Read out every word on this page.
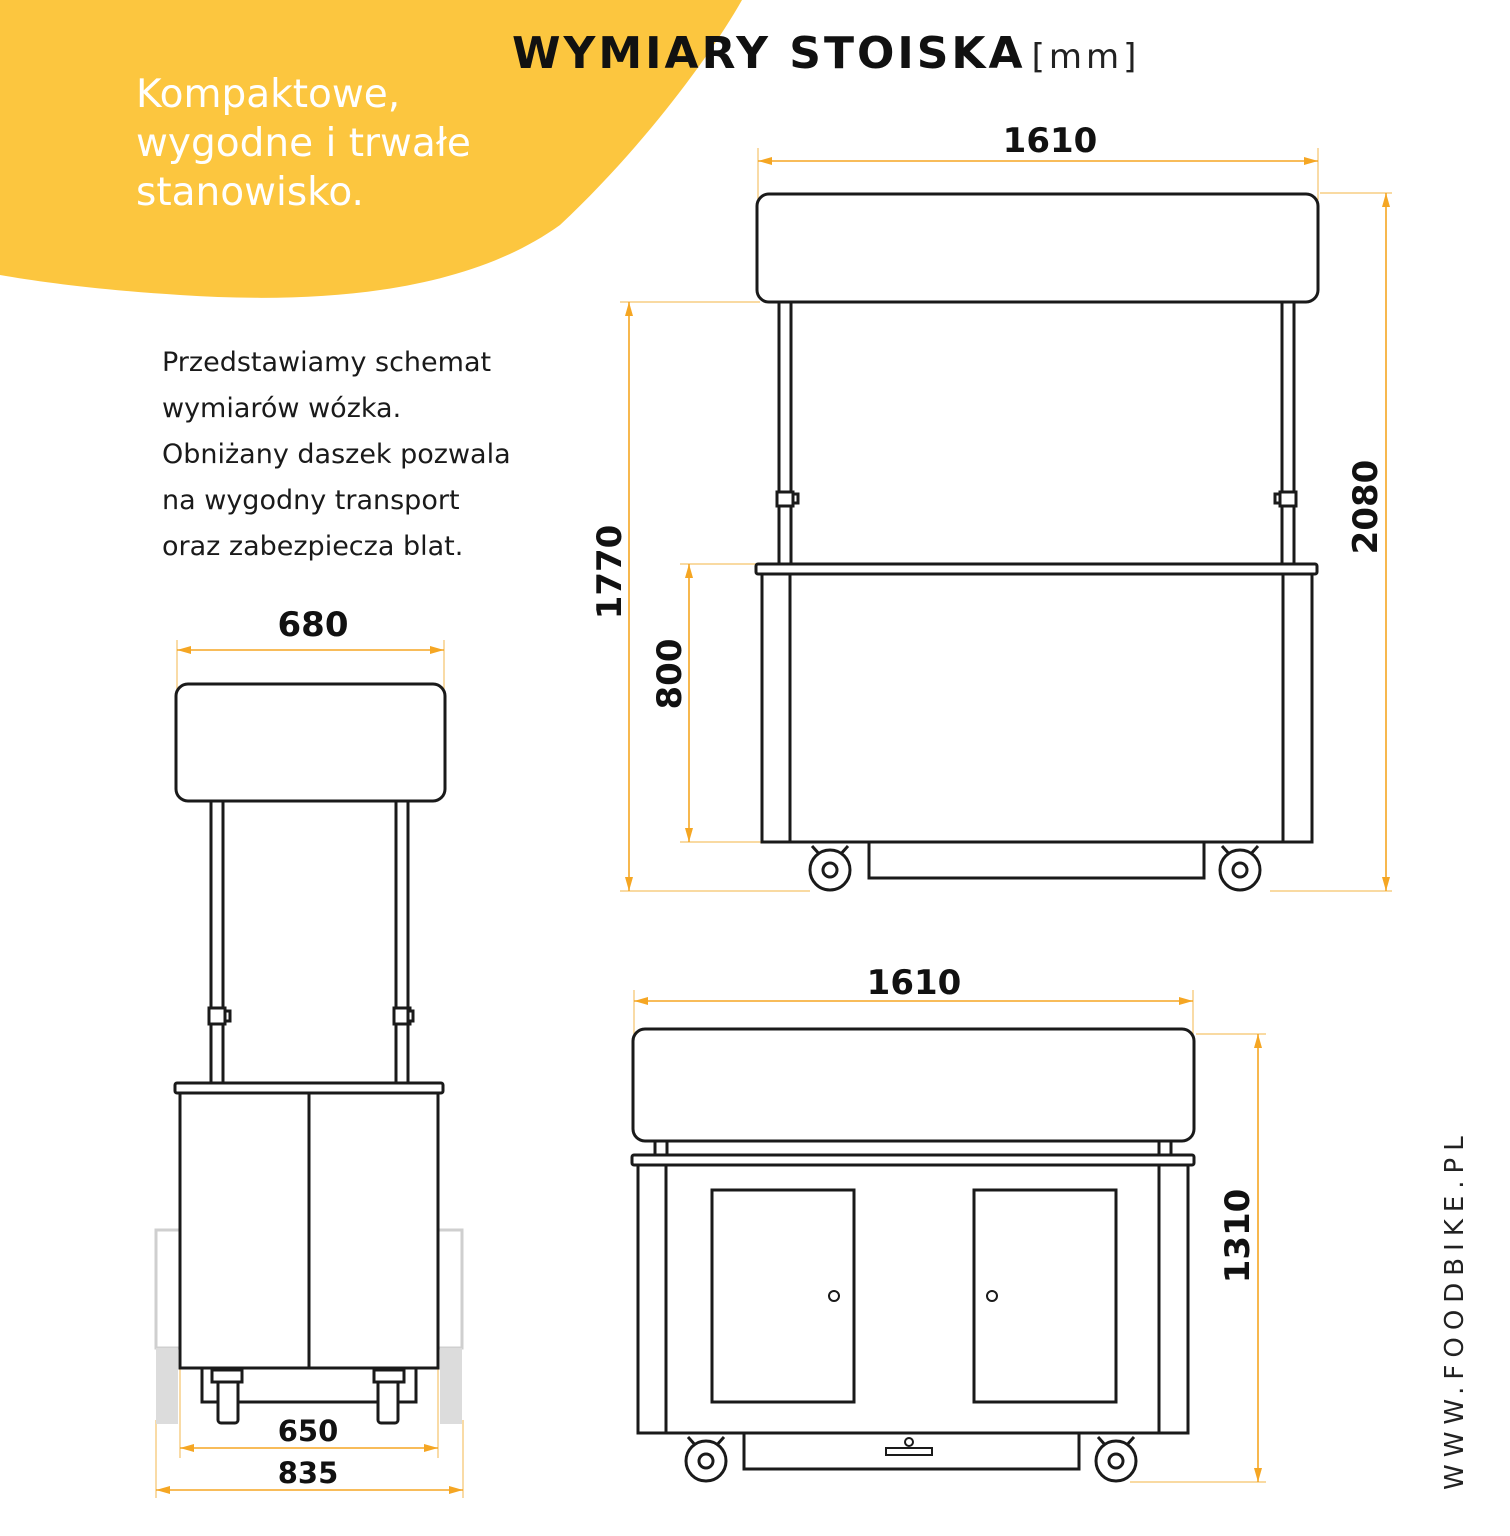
1610
2080
1770
800
680
650
835
1610
1310
WYMIARY STOISKA [mm]

Kompaktowe,
wygodne i trwałe
stanowisko.

Przedstawiamy schemat
wymiarów wózka.
Obniżany daszek pozwala
na wygodny transport
oraz zabezpiecza blat.

WWW.FOODBIKE.PL
